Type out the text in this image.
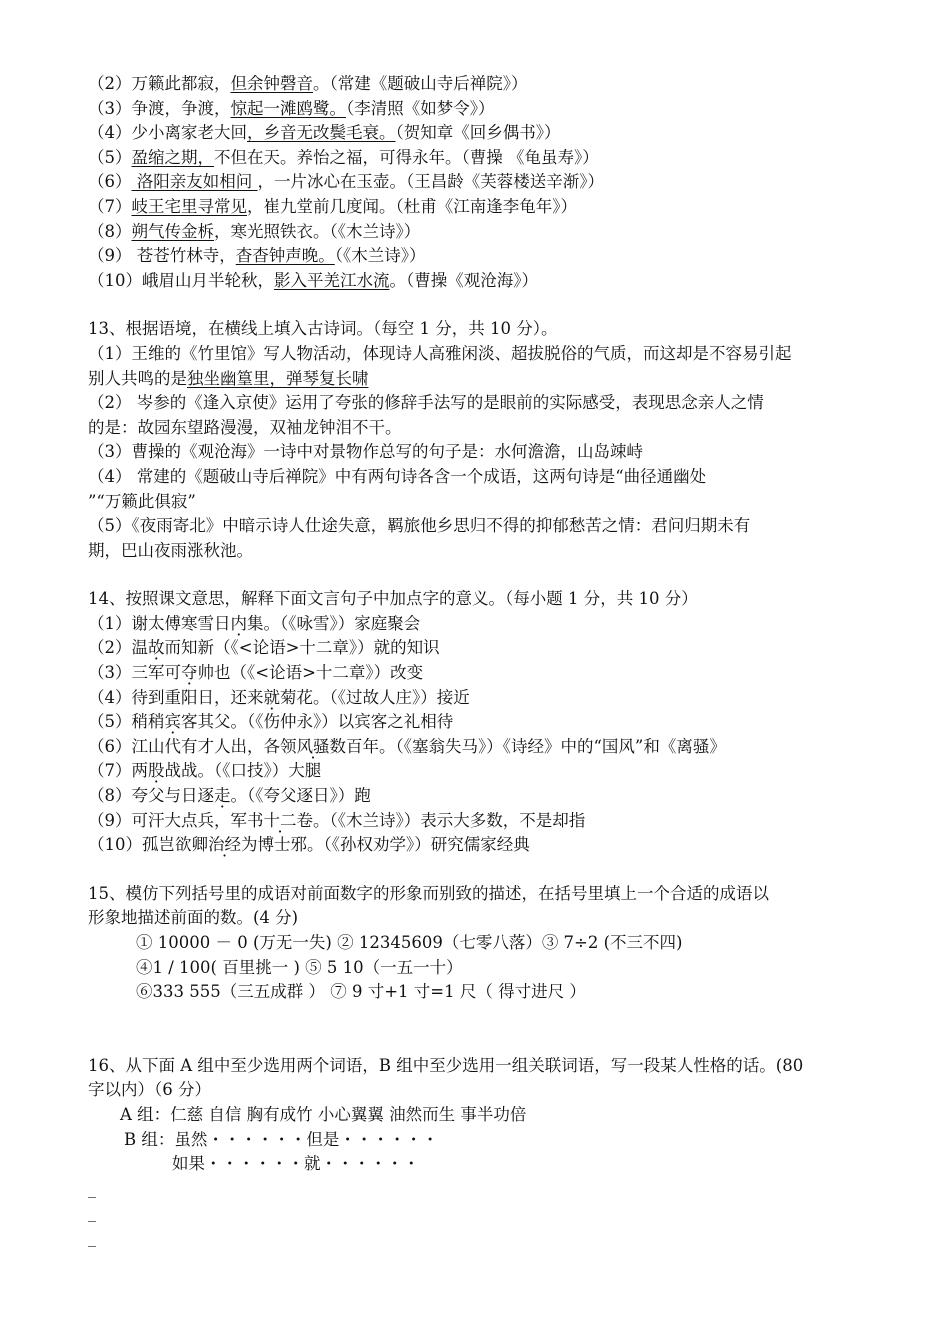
（2）万籁此都寂，但余钟磬音。（常建《题破山寺后禅院》）
（3）争渡，争渡，惊起一滩鸥鹭。（李清照《如梦令》）
（4）少小离家老大回，乡音无改鬓毛衰。（贺知章《回乡偶书》）
（5）盈缩之期，不但在天。养怡之福，可得永年。（曹操 《龟虽寿》）
（6） 洛阳亲友如相问 ，一片冰心在玉壶。（王昌龄《芙蓉楼送辛渐》）
（7）岐王宅里寻常见，崔九堂前几度闻。（杜甫《江南逢李龟年》）
（8）朔气传金柝，寒光照铁衣。（《木兰诗》）
（9） 苍苍竹林寺，杳杳钟声晚。（《木兰诗》）
（10）峨眉山月半轮秋，影入平羌江水流。（曹操《观沧海》）
13、根据语境，在横线上填入古诗词。（每空 1 分，共 10 分）。
（1）王维的《竹里馆》写人物活动，体现诗人高雅闲淡、超拔脱俗的气质，而这却是不容易引起
别人共鸣的是独坐幽篁里，弹琴复长啸
（2） 岑参的《逢入京使》运用了夸张的修辞手法写的是眼前的实际感受，表现思念亲人之情
的是：故园东望路漫漫，双袖龙钟泪不干。
（3）曹操的《观沧海》一诗中对景物作总写的句子是：水何澹澹，山岛竦峙
（4） 常建的《题破山寺后禅院》中有两句诗各含一个成语，这两句诗是“曲径通幽处
”“万籁此俱寂”
（5）《夜雨寄北》中暗示诗人仕途失意，羁旅他乡思归不得的抑郁愁苦之情：君问归期未有
期，巴山夜雨涨秋池。
14、按照课文意思，解释下面文言句子中加点字的意义。（每小题 1 分，共 10 分）
（1）谢太傅寒雪日内集。（《咏雪》）家庭聚会
（2）温故而知新（《<论语>十二章》）就的知识
（3）三军可夺帅也（《<论语>十二章》）改变
（4）待到重阳日，还来就菊花。（《过故人庄》）接近
（5）稍稍宾客其父。（《伤仲永》）以宾客之礼相待
（6）江山代有才人出，各领风骚数百年。（《塞翁失马》）《诗经》中的“国风”和《离骚》
（7）两股战战。（《口技》）大腿
（8）夸父与日逐走。（《夸父逐日》）跑
（9）可汗大点兵，军书十二卷。（《木兰诗》）表示大多数，不是却指
（10）孤岂欲卿治经为博士邪。（《孙权劝学》）研究儒家经典
15、模仿下列括号里的成语对前面数字的形象而别致的描述，在括号里填上一个合适的成语以
形象地描述前面的数。(4 分)
① 10000 － 0 (万无一失) ② 12345609（七零八落）③ 7÷2 (不三不四)
④1 / 100( 百里挑一 ) ⑤ 5 10（一五一十）
⑥333 555（三五成群 ） ⑦ 9 寸+1 寸=1 尺（ 得寸进尺 ）
16、从下面 A 组中至少选用两个词语，B 组中至少选用一组关联词语，写一段某人性格的话。(80
字以内）（6 分）
A 组：仁慈 自信 胸有成竹 小心翼翼 油然而生 事半功倍
B 组：虽然・・・・・・但是・・・・・・
如果・・・・・・就・・・・・・
_
_
_
